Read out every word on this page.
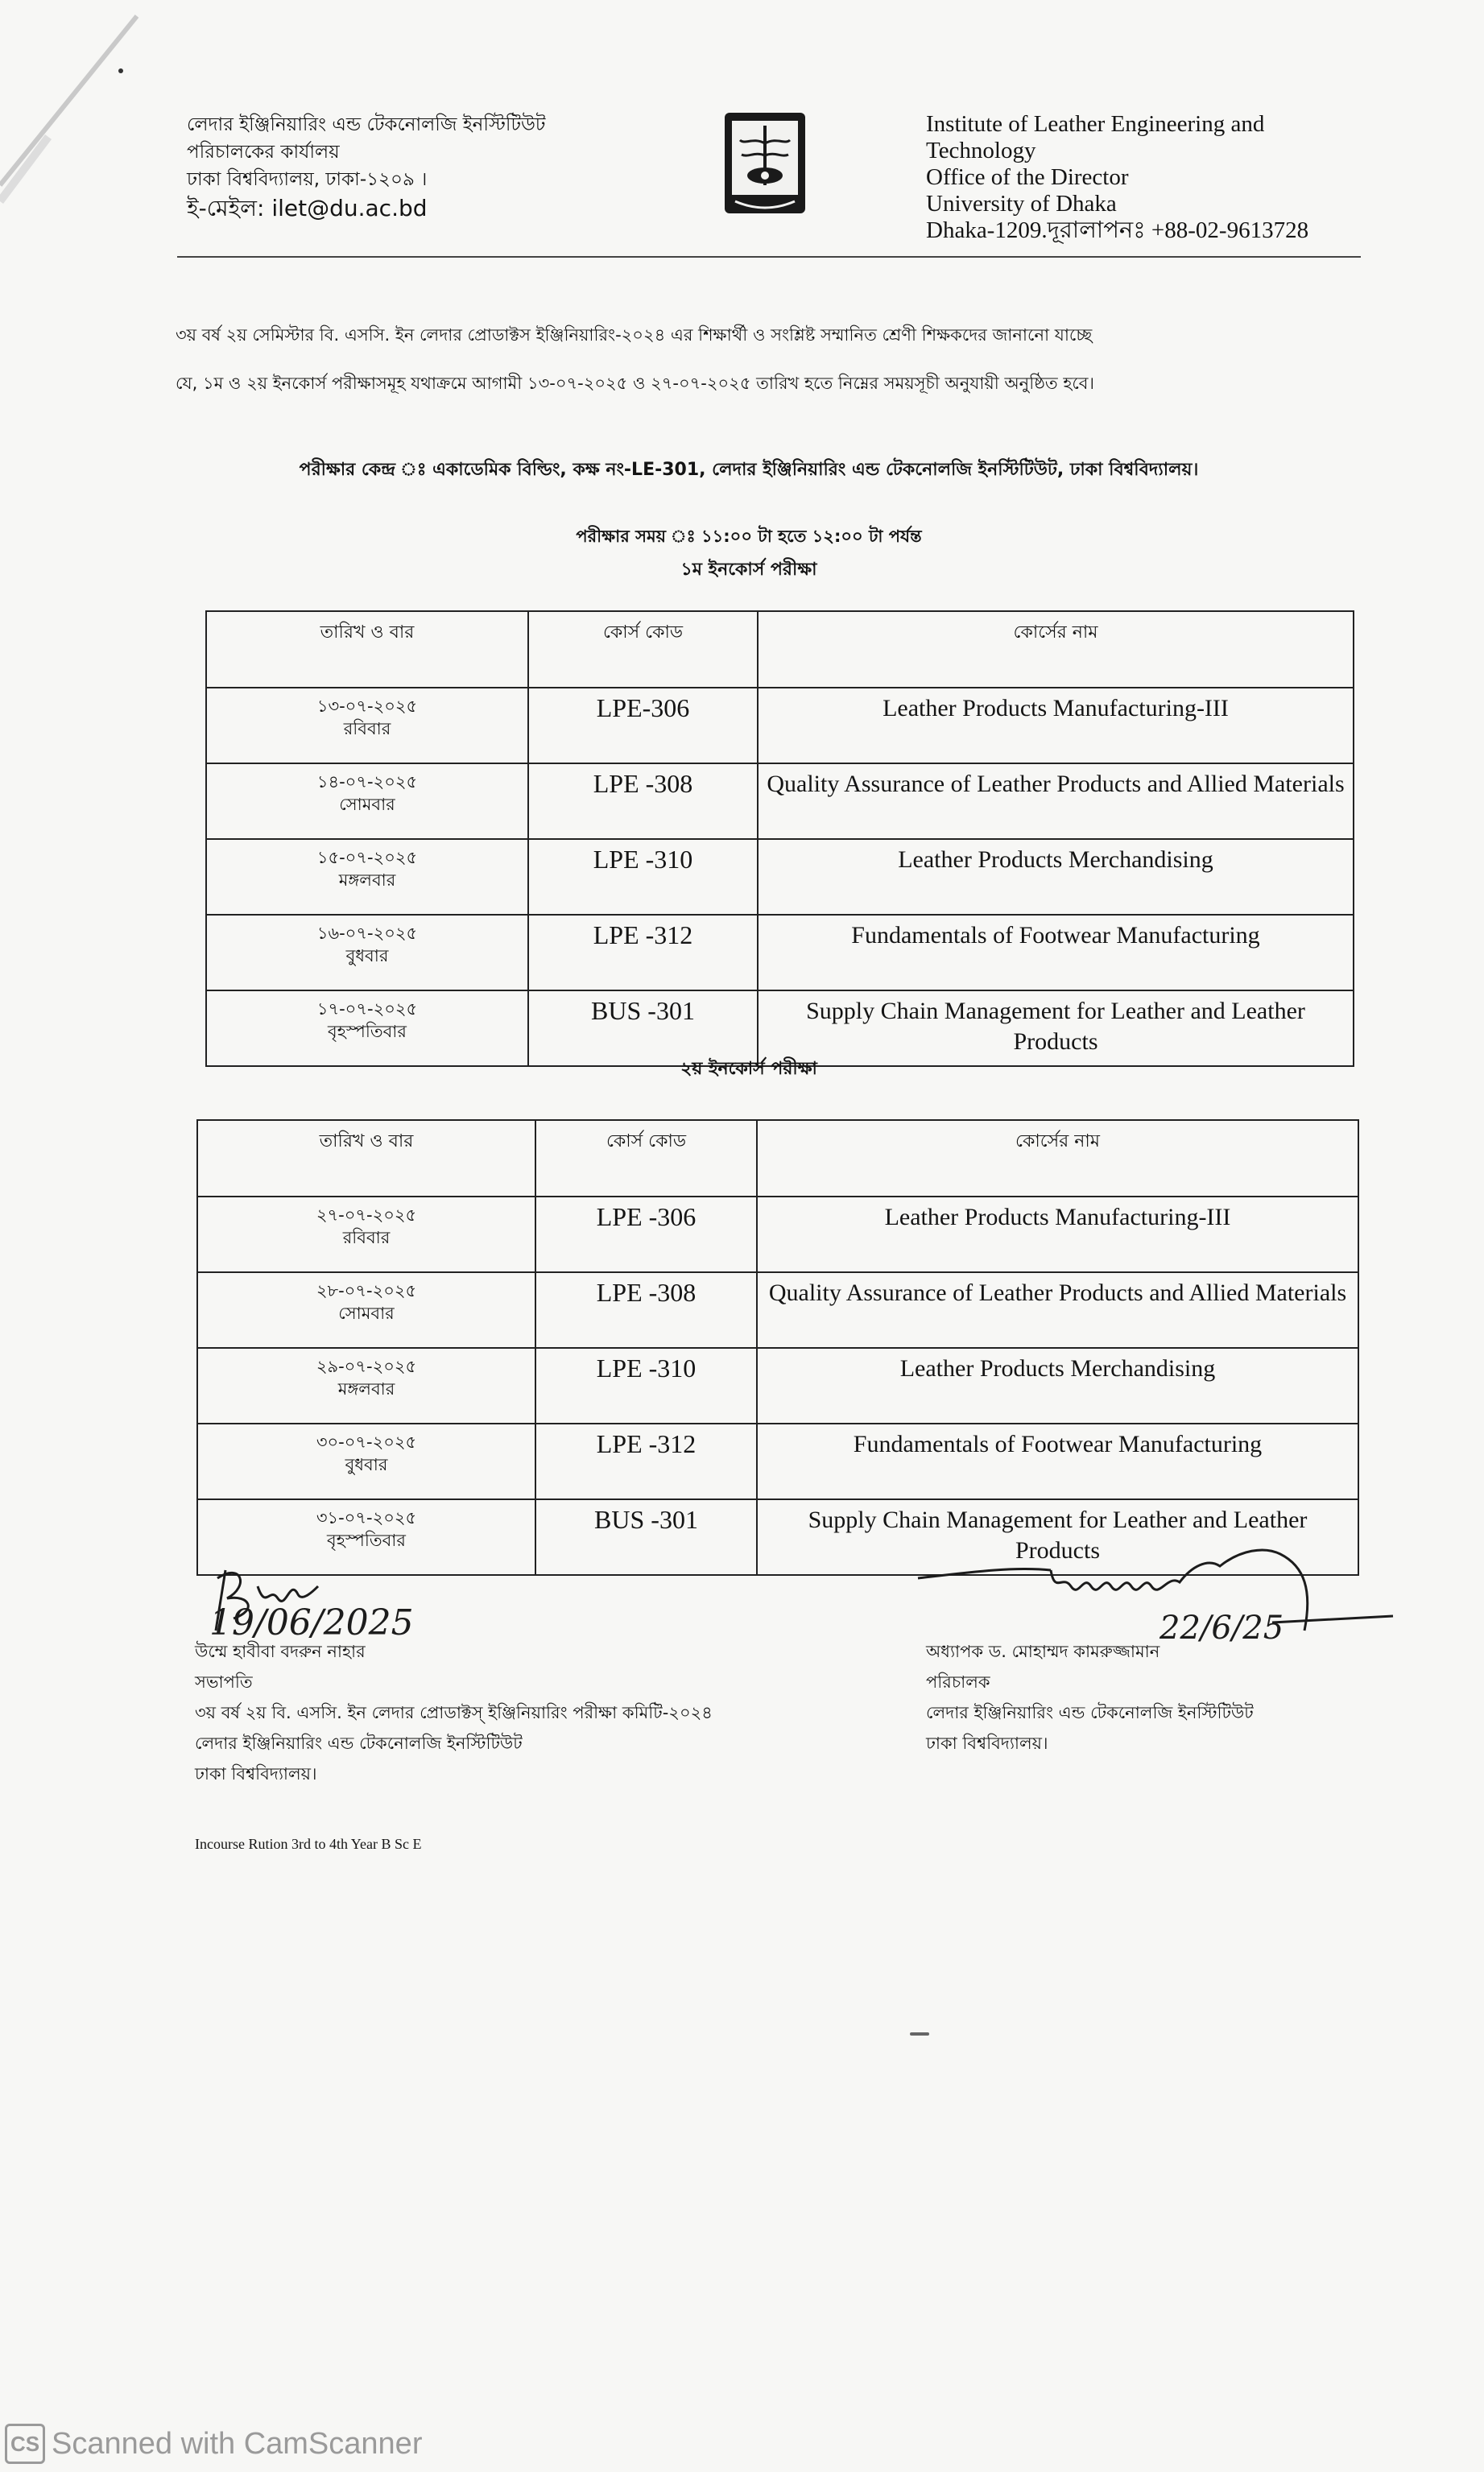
লেদার ইঞ্জিনিয়ারিং এন্ড টেকনোলজি ইনস্টিটিউট
পরিচালকের কার্যালয়
ঢাকা বিশ্ববিদ্যালয়, ঢাকা-১২০৯ ।
ই-মেইল: ilet@du.ac.bd
Institute of Leather Engineering and
Technology
Office of the Director
University of Dhaka
Dhaka-1209.দূরালাপনঃ +88-02-9613728
৩য় বর্ষ ২য় সেমিস্টার বি. এসসি. ইন লেদার প্রোডাক্টস ইঞ্জিনিয়ারিং-২০২৪ এর শিক্ষার্থী ও সংশ্লিষ্ট সম্মানিত শ্রেণী শিক্ষকদের জানানো যাচ্ছে
যে, ১ম ও ২য় ইনকোর্স পরীক্ষাসমূহ যথাক্রমে আগামী ১৩-০৭-২০২৫ ও ২৭-০৭-২০২৫ তারিখ হতে নিম্নের সময়সূচী অনুযায়ী অনুষ্ঠিত হবে।
পরীক্ষার কেন্দ্র ঃ একাডেমিক বিল্ডিং, কক্ষ নং-LE-301, লেদার ইঞ্জিনিয়ারিং এন্ড টেকনোলজি ইনস্টিটিউট, ঢাকা বিশ্ববিদ্যালয়।
পরীক্ষার সময় ঃ ১১:০০ টা হতে ১২:০০ টা পর্যন্ত
১ম ইনকোর্স পরীক্ষা
তারিখ ও বার	কোর্স কোড	কোর্সের নাম

১৩-০৭-২০২৫
রবিবার	LPE-306	Leather Products Manufacturing-III

১৪-০৭-২০২৫
সোমবার	LPE -308	Quality Assurance of Leather Products and Allied Materials

১৫-০৭-২০২৫
মঙ্গলবার	LPE -310	Leather Products Merchandising

১৬-০৭-২০২৫
বুধবার	LPE -312	Fundamentals of Footwear Manufacturing

১৭-০৭-২০২৫
বৃহস্পতিবার	BUS -301	Supply Chain Management for Leather and Leather Products
২য় ইনকোর্স পরীক্ষা
তারিখ ও বার	কোর্স কোড	কোর্সের নাম

২৭-০৭-২০২৫
রবিবার	LPE -306	Leather Products Manufacturing-III

২৮-০৭-২০২৫
সোমবার	LPE -308	Quality Assurance of Leather Products and Allied Materials

২৯-০৭-২০২৫
মঙ্গলবার	LPE -310	Leather Products Merchandising

৩০-০৭-২০২৫
বুধবার	LPE -312	Fundamentals of Footwear Manufacturing

৩১-০৭-২০২৫
বৃহস্পতিবার	BUS -301	Supply Chain Management for Leather and Leather Products
19/06/2025	22/6/25
উম্মে হাবীবা বদরুন নাহার
সভাপতি
৩য় বর্ষ ২য় বি. এসসি. ইন লেদার প্রোডাক্টস্ ইঞ্জিনিয়ারিং পরীক্ষা কমিটি-২০২৪
লেদার ইঞ্জিনিয়ারিং এন্ড টেকনোলজি ইনস্টিটিউট
ঢাকা বিশ্ববিদ্যালয়।
অধ্যাপক ড. মোহাম্মদ কামরুজ্জামান
পরিচালক
লেদার ইঞ্জিনিয়ারিং এন্ড টেকনোলজি ইনস্টিটিউট
ঢাকা বিশ্ববিদ্যালয়।
Incourse Rution 3rd to 4th Year B Sc E
CS Scanned with CamScanner
